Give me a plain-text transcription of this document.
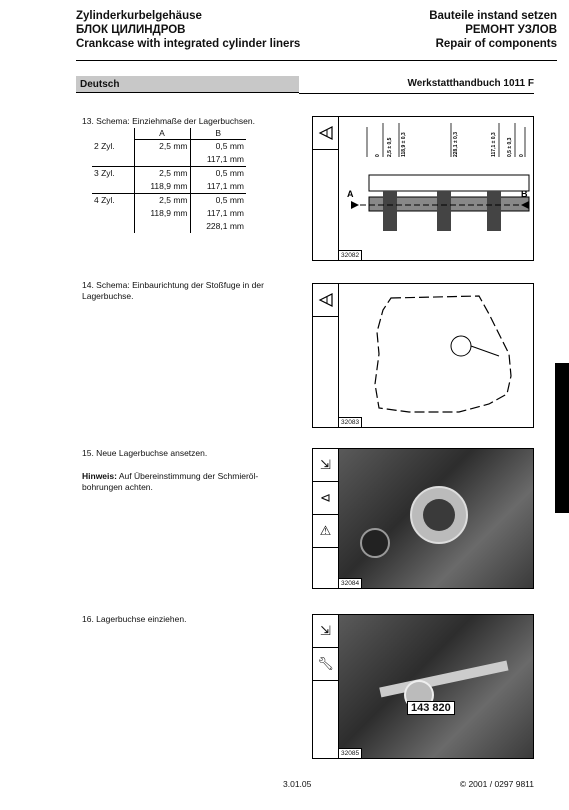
Zylinderkurbelgehäuse
БЛОК ЦИЛИНДРОВ
Crankcase with integrated cylinder liners
Bauteile instand setzen
РЕМОНТ УЗЛОВ
Repair of components
Deutsch	Werkstatthandbuch 1011 F
13. Schema: Einziehmaße der Lagerbuchsen.
	A	B
2 Zyl.	2,5 mm	0,5 mm
		117,1 mm
3 Zyl.	2,5 mm	0,5 mm
	118,9 mm	117,1 mm
4 Zyl.	2,5 mm	0,5 mm
	118,9 mm	117,1 mm
		228,1 mm
0 2,5 ± 0,5 118,9 ± 0,3	228,1 ± 0,3	117,1 ± 0,3 0,5 ± 0,3 0
A	B
32082
14. Schema: Einbaurichtung der Stoßfuge in der Lagerbuchse.
32083
15. Neue Lagerbuchse ansetzen.
Hinweis: Auf Übereinstimmung der Schmierölbohrungen achten.
⇲
⊲
⚠
32084
16. Lagerbuchse einziehen.
⇲
🔧︎
143 820
32085
3.01.05	© 2001 / 0297 9811
